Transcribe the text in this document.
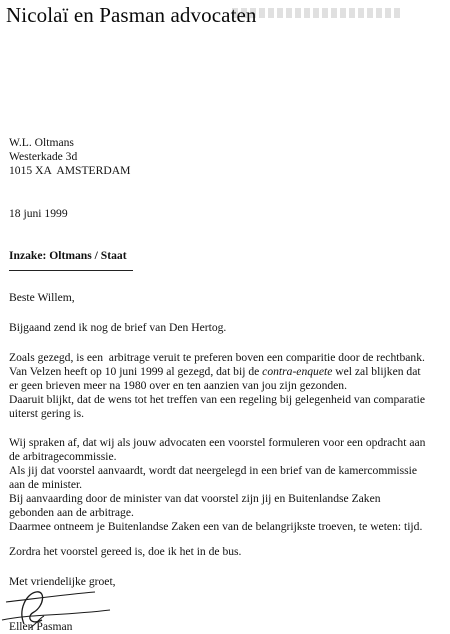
Nicolaï en Pasman advocaten
W.L. Oltmans
Westerkade 3d
1015 XA  AMSTERDAM
18 juni 1999
Inzake: Oltmans / Staat
Beste Willem,

Bijgaand zend ik nog de brief van Den Hertog.

Zoals gezegd, is een  arbitrage veruit te preferen boven een comparitie door de rechtbank.
Van Velzen heeft op 10 juni 1999 al gezegd, dat bij de contra-enquete wel zal blijken dat
er geen brieven meer na 1980 over en ten aanzien van jou zijn gezonden.
Daaruit blijkt, dat de wens tot het treffen van een regeling bij gelegenheid van comparatie
uiterst gering is.

Wij spraken af, dat wij als jouw advocaten een voorstel formuleren voor een opdracht aan
de arbitragecommissie.
Als jij dat voorstel aanvaardt, wordt dat neergelegd in een brief van de kamercommissie
aan de minister.
Bij aanvaarding door de minister van dat voorstel zijn jij en Buitenlandse Zaken
gebonden aan de arbitrage.
Daarmee ontneem je Buitenlandse Zaken een van de belangrijkste troeven, te weten: tijd.

Zordra het voorstel gereed is, doe ik het in de bus.

Met vriendelijke groet,
Ellen Pasman
